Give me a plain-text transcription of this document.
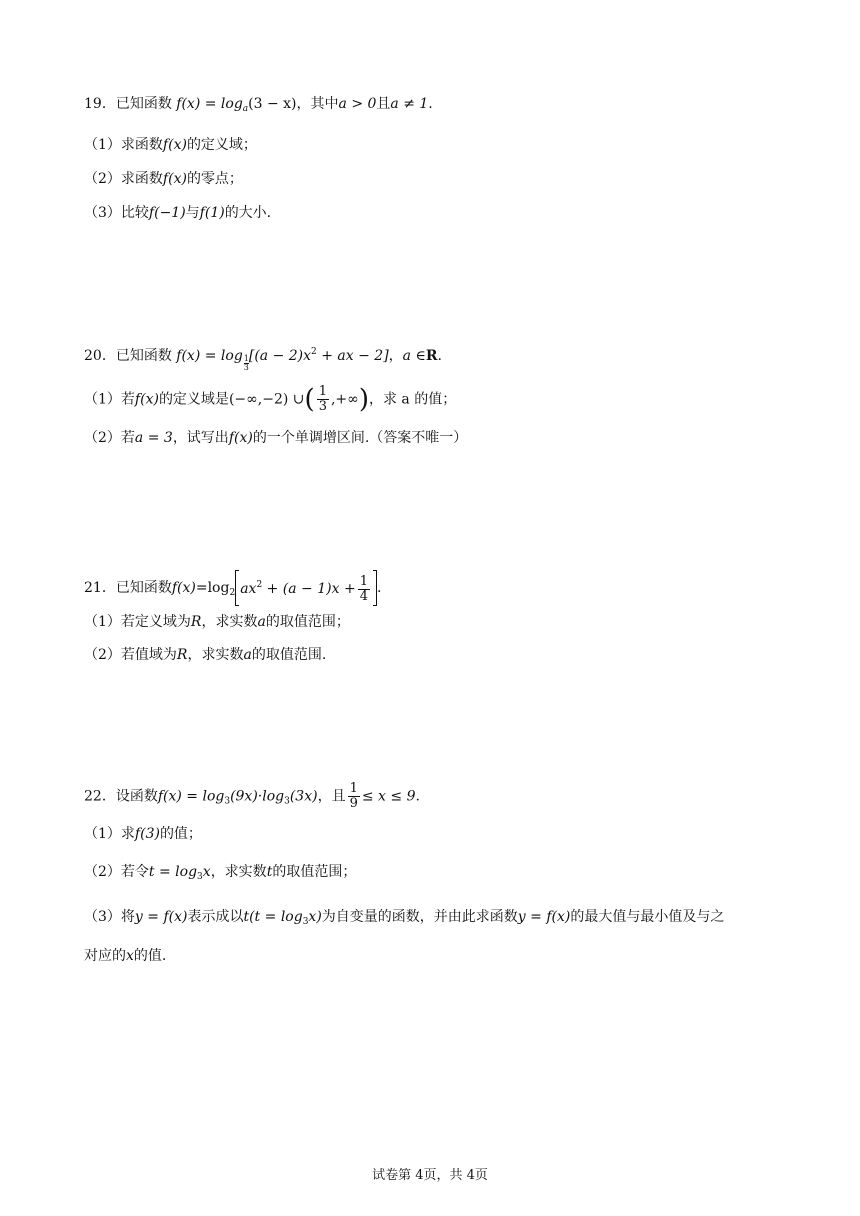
19．已知函数 $f(x) = \log_a(3 - x)$，其中a > 0且a ≠ 1.
（1）求函数f(x)的定义域；
（2）求函数f(x)的零点；
（3）比较f(−1)与f(1)的大小.
20．已知函数 $f(x) = \log \frac{1}{3}[(a - 2)x^2$ + ax − 2]，a ∈R.
（1）若f(x)的定义域是(−∞,−2) ∪( $\frac{1}{3}$ ,+∞)，求 a 的值；
（2）若a = 3，试写出f(x)的一个单调增区间.（答案不唯一）
21．已知函数$f(x)=\log_2$ $ax^2 + (a - 1)x + \frac{1}{4}$ .
（1）若定义域为R，求实数a的取值范围；
（2）若值域为R，求实数a的取值范围.
22．设函数$f(x) = \log_3(9x)\cdot\log_3(3x)$，且 $\frac{1}{9} \le x \le 9$.
（1）求f(3)的值；
（2）若令$t = \log_3x$，求实数t的取值范围；
（3）将y = f(x)表示成以$t(t = \log_3x)$为自变量的函数，并由此求函数y = f(x)的最大值与最小值及与之
对应的x的值.
试卷第 4页，共 4页
